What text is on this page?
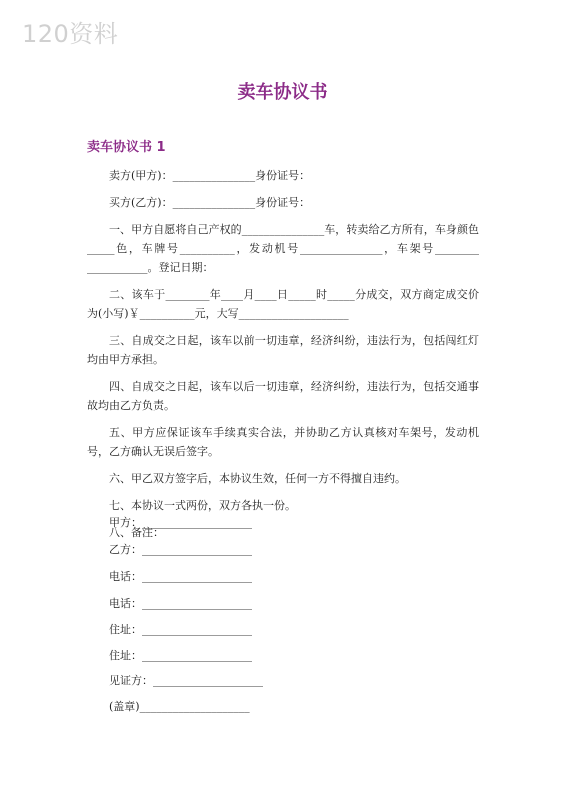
120资料
卖车协议书
卖车协议书 1

卖方(甲方)：_______________身份证号：

买方(乙方)：_______________身份证号：

一、甲方自愿将自己产权的_______________车，转卖给乙方所有，车身颜色_____色，车牌号__________，发动机号_______________，车架号________ ___________。登记日期：

二、该车于________年____月____日_____时_____分成交，双方商定成交价为(小写)￥__________元，大写____________________

三、自成交之日起，该车以前一切违章，经济纠纷，违法行为，包括闯红灯均由甲方承担。

四、自成交之日起，该车以后一切违章，经济纠纷，违法行为，包括交通事故均由乙方负责。

五、甲方应保证该车手续真实合法，并协助乙方认真核对车架号，发动机号，乙方确认无误后签字。

六、甲乙双方签字后，本协议生效，任何一方不得擅自违约。

七、本协议一式两份，双方各执一份。

八、备注：

甲方：____________________
乙方：____________________
电话：____________________
电话：____________________
住址：____________________
住址：____________________
见证方：____________________
(盖章)____________________
